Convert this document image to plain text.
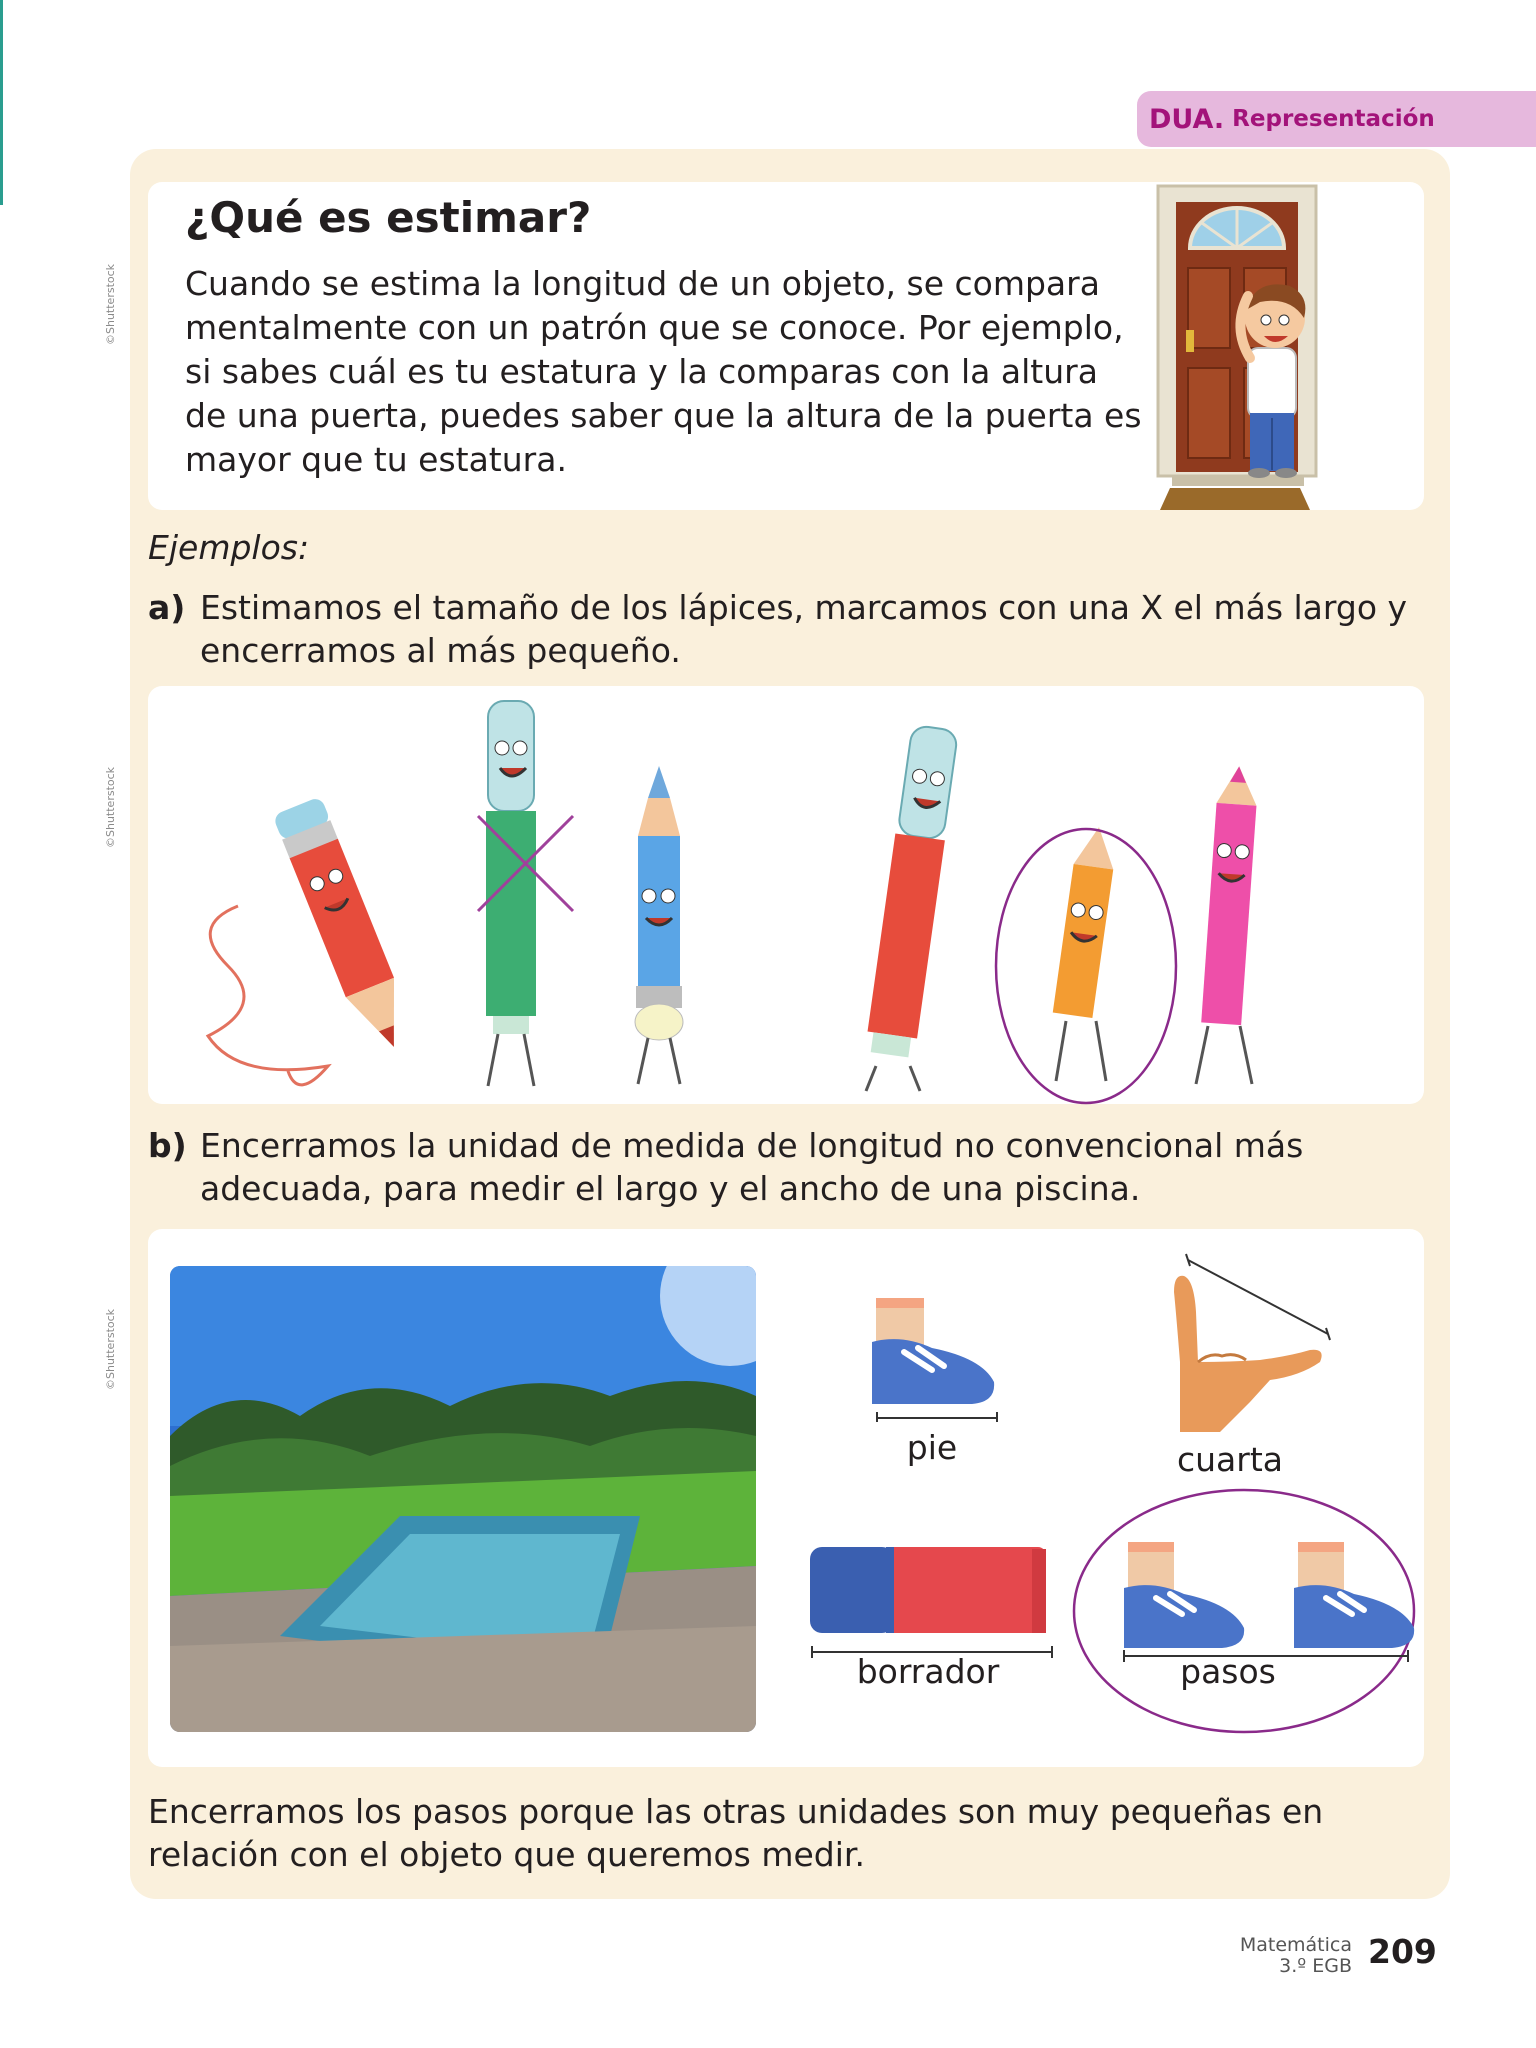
©Shutterstock
©Shutterstock
©Shutterstock
DUA. Representación
¿Qué es estimar?

Cuando se estima la longitud de un objeto, se compara mentalmente con un patrón que se conoce. Por ejemplo, si sabes cuál es tu estatura y la comparas con la altura de una puerta, puedes saber que la altura de la puerta es mayor que tu estatura.

Ejemplos:
a) Estimamos el tamaño de los lápices, marcamos con una X el más largo y encerramos al más pequeño.
b) Encerramos la unidad de medida de longitud no convencional más adecuada, para medir el largo y el ancho de una piscina.
pie	cuarta
borrador	pasos
Encerramos los pasos porque las otras unidades son muy pequeñas en relación con el objeto que queremos medir.
Matemática
3.º EGB 209
